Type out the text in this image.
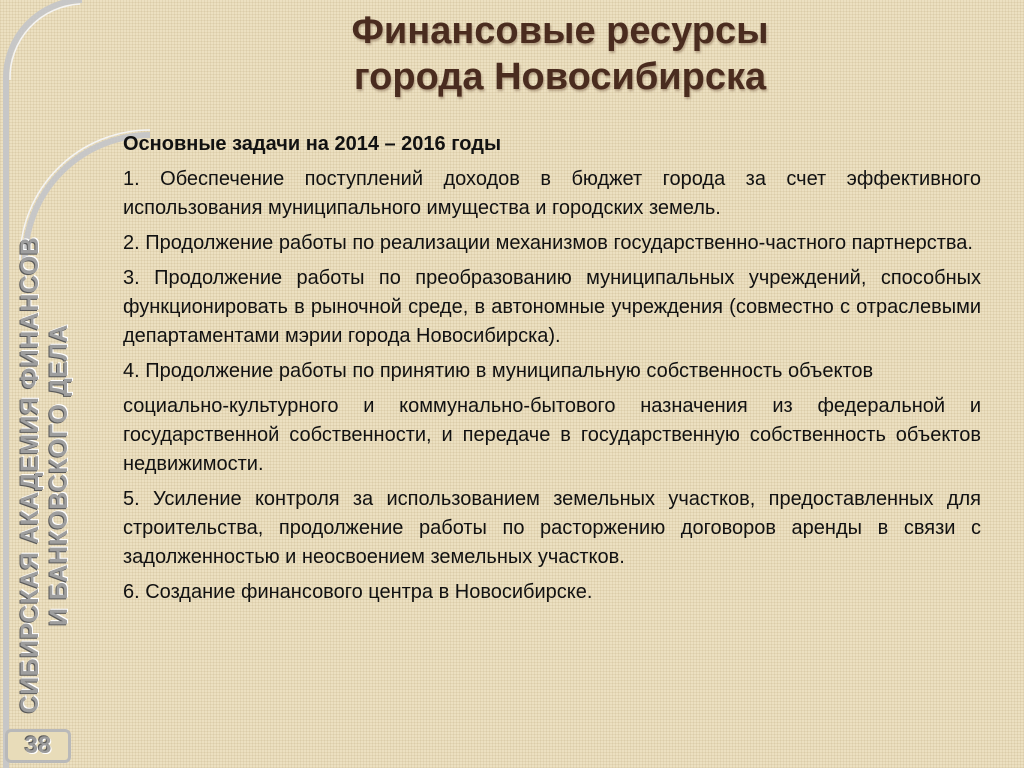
СИБИРСКАЯ АКАДЕМИЯ ФИНАНСОВ И БАНКОВСКОГО ДЕЛА
38
Финансовые ресурсы
города Новосибирска

Основные задачи на 2014 – 2016 годы

1. Обеспечение поступлений доходов в бюджет города за счет эффективного использования муниципального имущества и городских земель.

2. Продолжение работы по реализации механизмов государственно-частного партнерства.

3. Продолжение работы по преобразованию муниципальных учреждений, способных функционировать в рыночной среде, в автономные учреждения (совместно с отраслевыми департаментами мэрии города Новосибирска).

4. Продолжение работы по принятию в муниципальную собственность объектов

социально-культурного и коммунально-бытового назначения из федеральной и государственной собственности, и передаче в государственную собственность объектов недвижимости.

5. Усиление контроля за использованием земельных участков, предоставленных для строительства, продолжение работы по расторжению договоров аренды в связи с задолженностью и неосвоением земельных участков.

6. Создание финансового центра в Новосибирске.
